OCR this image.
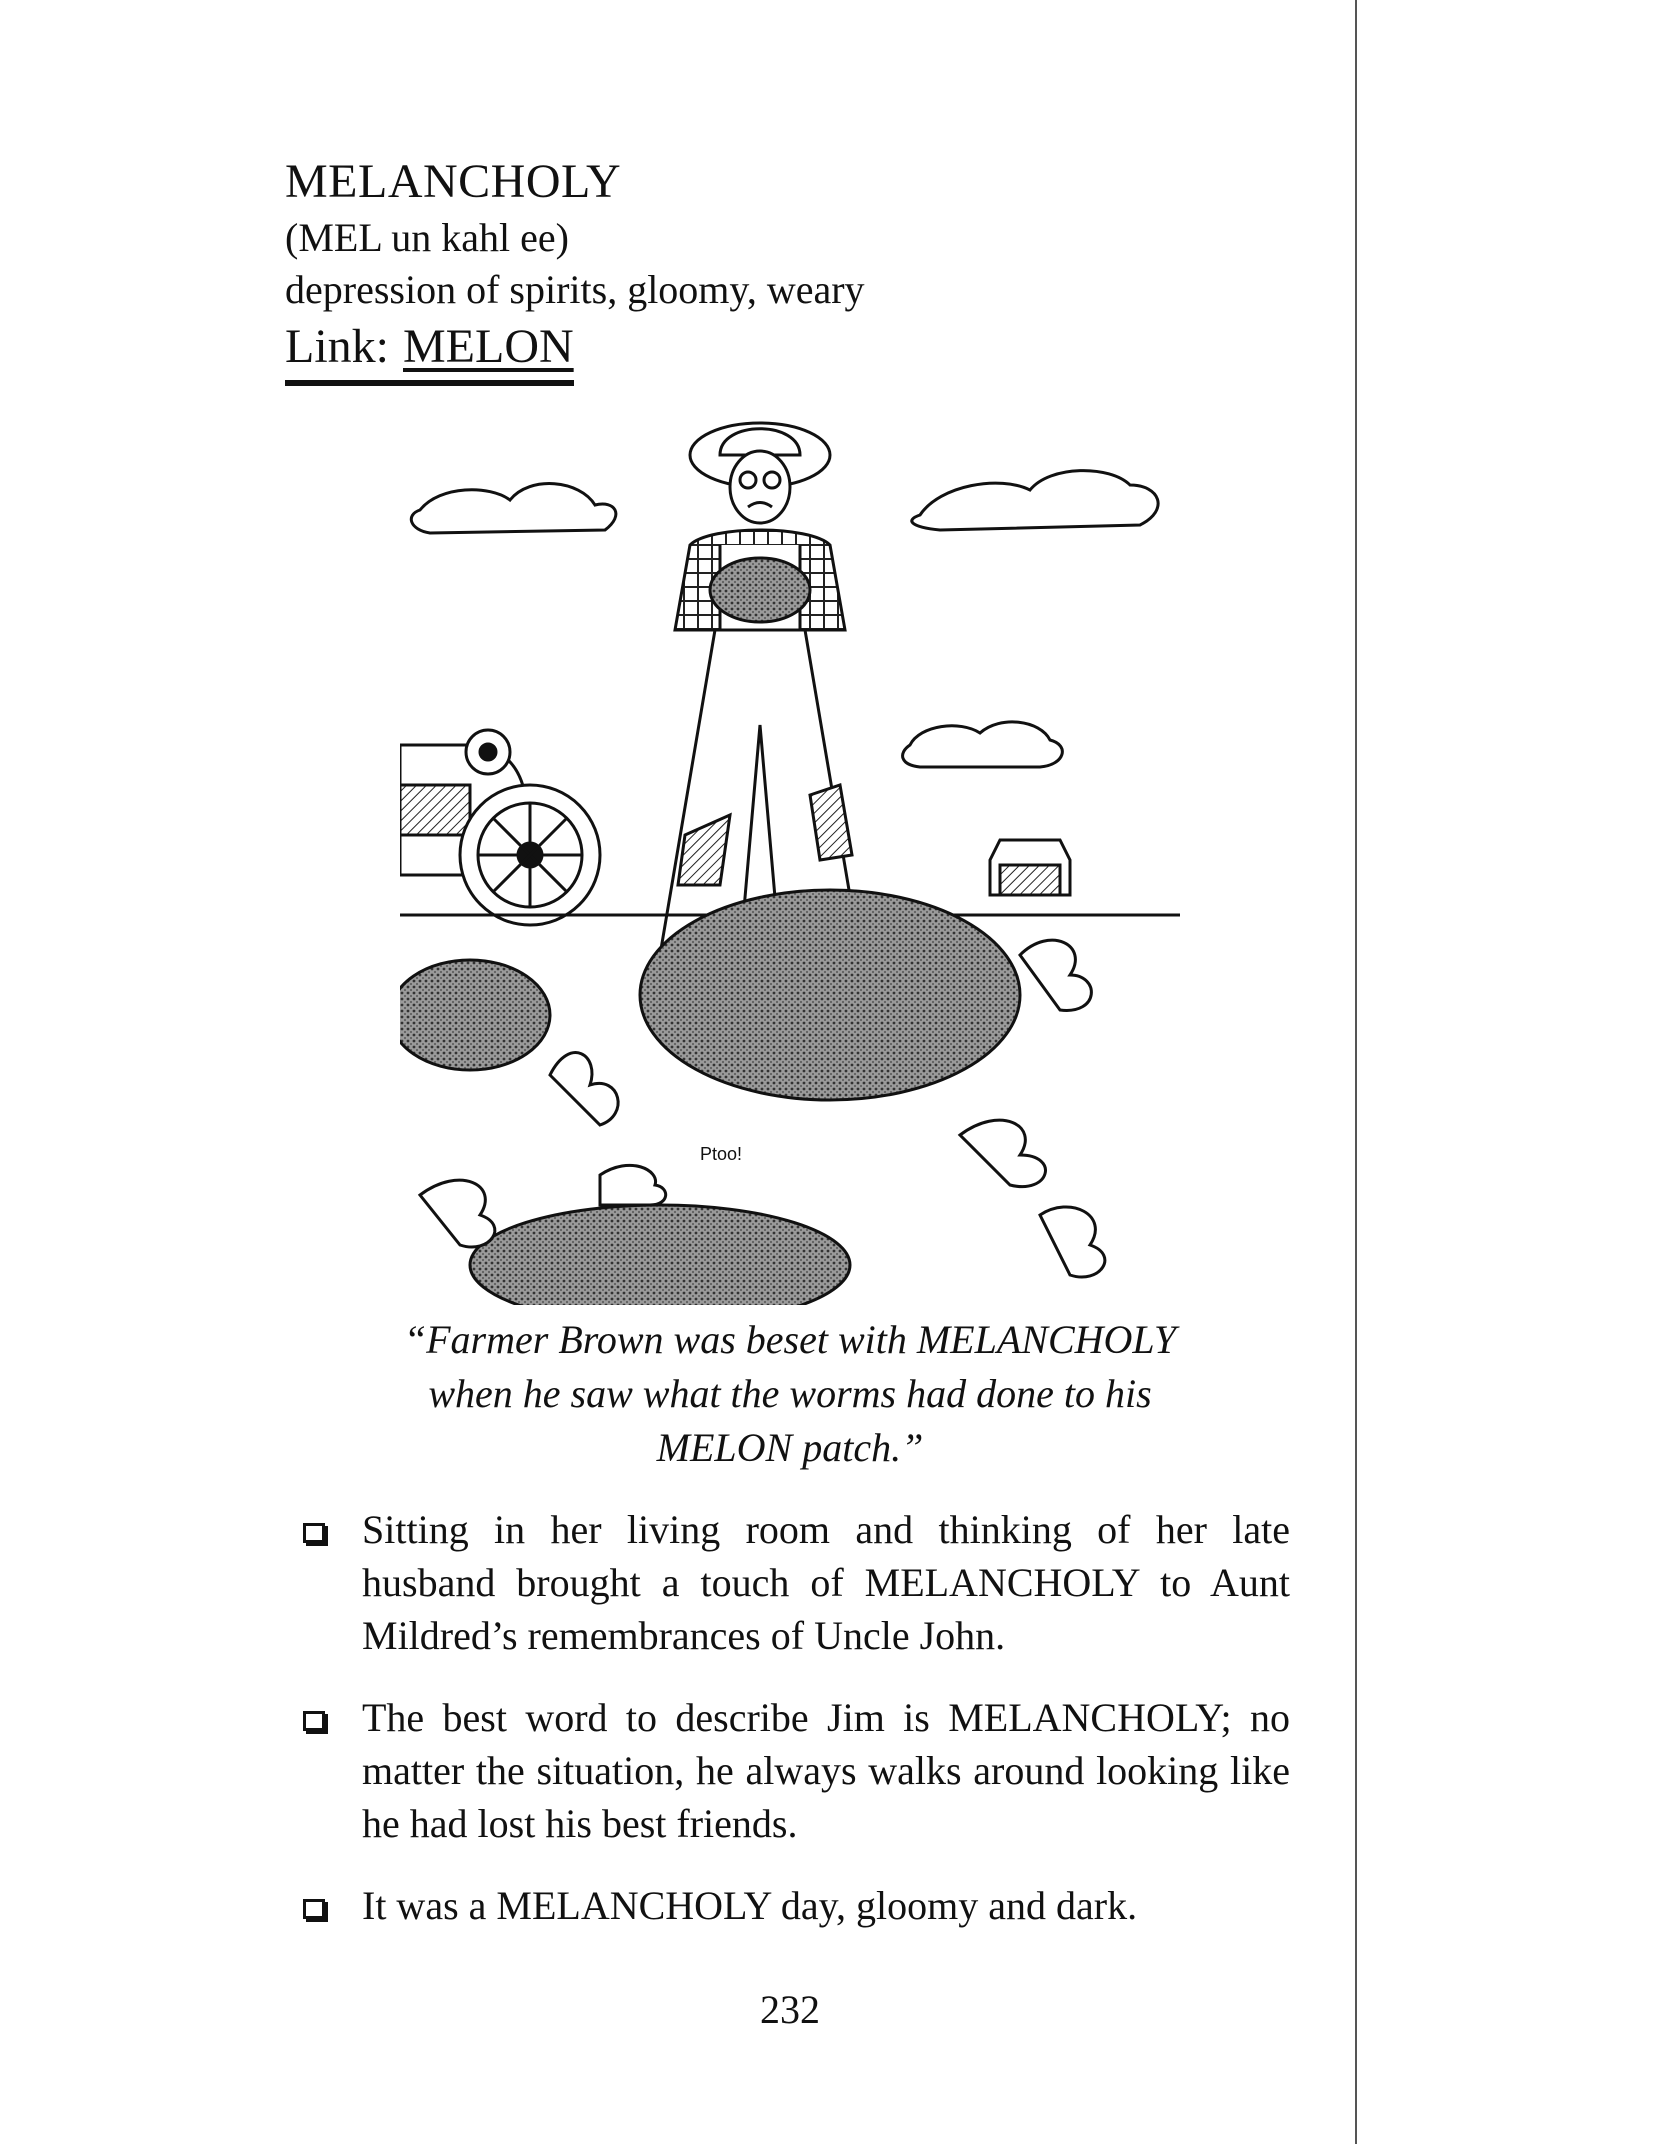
MELANCHOLY
(MEL un kahl ee)
depression of spirits, gloomy, weary
Link: MELON
Ptoo!

“Farmer Brown was beset with MELANCHOLY

when he saw what the worms had done to his

MELON patch.”

Sitting in her living room and thinking of her late husband brought a touch of MELANCHOLY to Aunt Mildred’s remembrances of Uncle John.
The best word to describe Jim is MELANCHOLY; no matter the situation, he always walks around looking like he had lost his best friends.
It was a MELANCHOLY day, gloomy and dark.
232
